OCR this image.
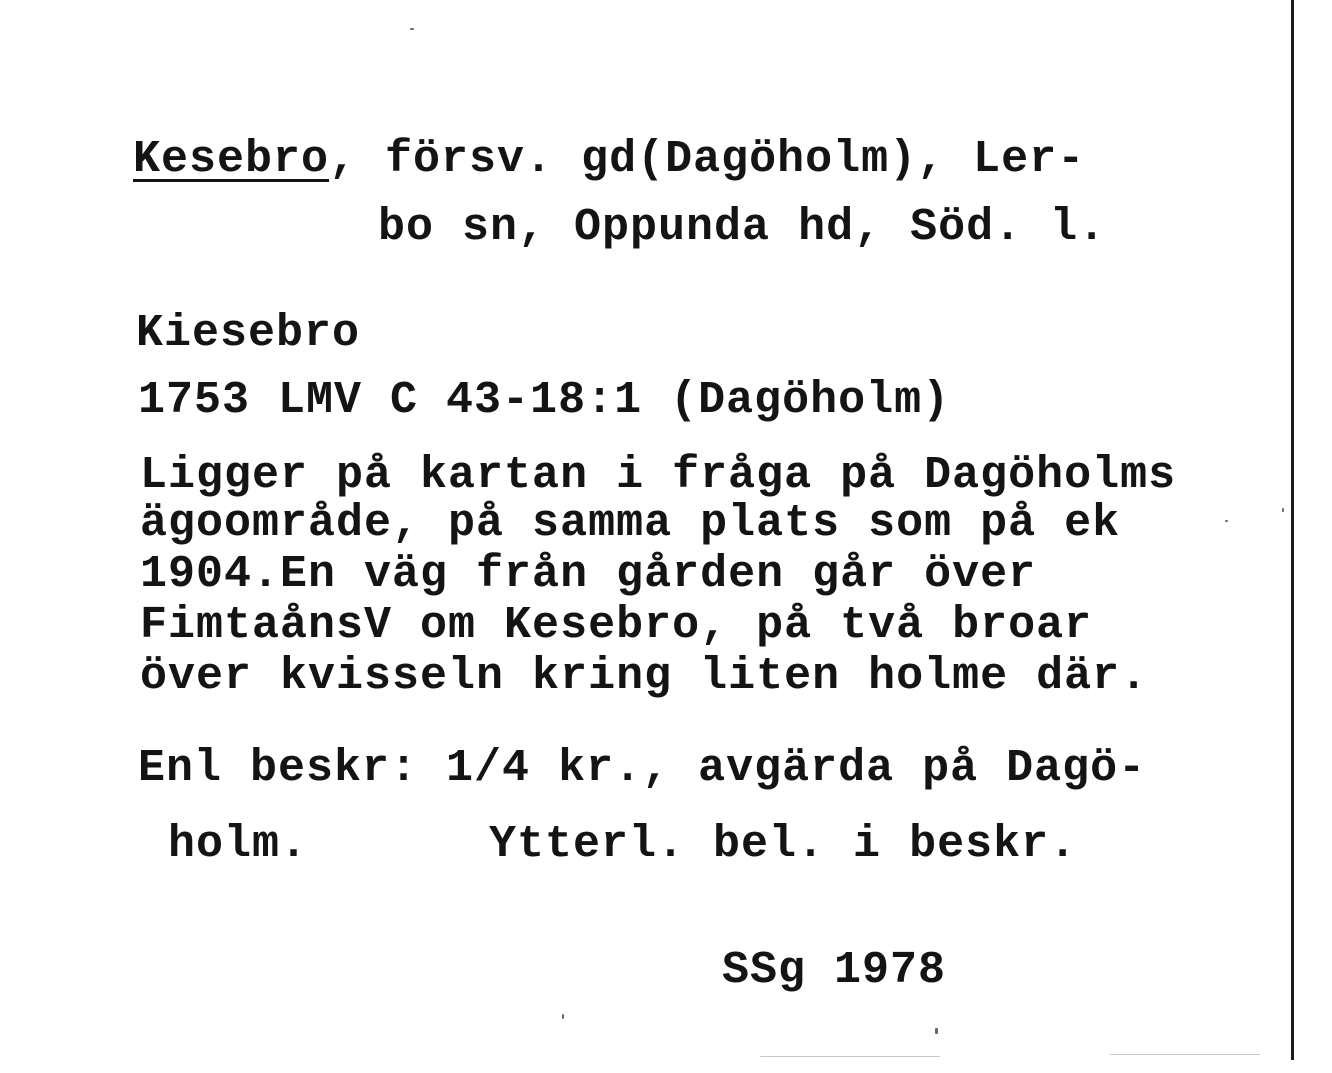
Kesebro, försv. gd(Dagöholm), Ler-
bo sn, Oppunda hd, Söd. l.
Kiesebro
1753 LMV C 43-18:1 (Dagöholm)
Ligger på kartan i fråga på Dagöholms
ägoområde, på samma plats som på ek
1904.En väg från gården går över
FimtaånsV om Kesebro, på två broar
över kvisseln kring liten holme där.
Enl beskr: 1/4 kr., avgärda på Dagö-
holm.	Ytterl. bel. i beskr.
SSg 1978
